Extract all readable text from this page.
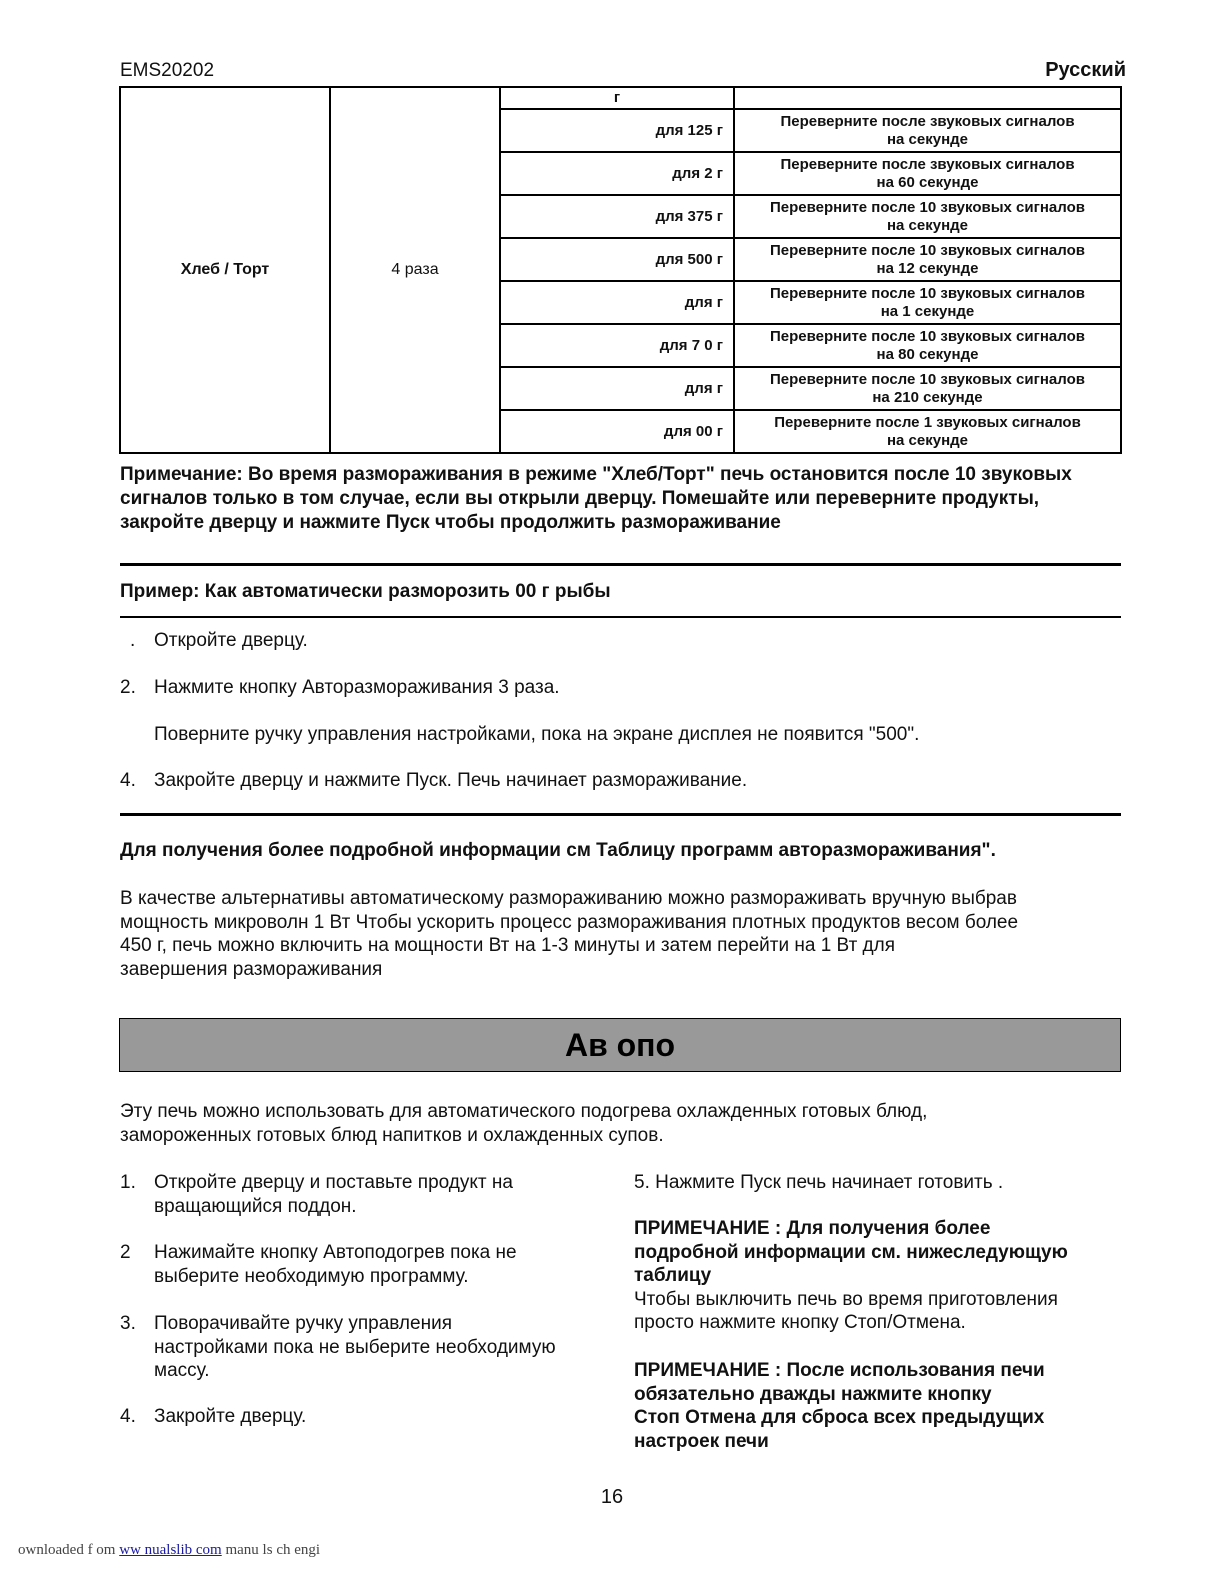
EMS20202	Русский
Хлеб / Торт	4 раза	г	
		для 125 г	Переверните после звуковых сигналов
на секунде

		для 2 г	Переверните после звуковых сигналов
на 60 секунде

		для 375 г	Переверните после 10 звуковых сигналов
на секунде

		для 500 г	Переверните после 10 звуковых сигналов
на 12 секунде

		для г	Переверните после 10 звуковых сигналов
на 1 секунде

		для 7 0 г	Переверните после 10 звуковых сигналов
на 80 секунде

		для г	Переверните после 10 звуковых сигналов
на 210 секунде

		для 00 г	Переверните после 1 звуковых сигналов
на секунде
Примечание: Во время размораживания в режиме "Хлеб/Торт" печь остановится после 10 звуковых сигналов только в том случае, если вы открыли дверцу. Помешайте или переверните продукты, закройте дверцу и нажмите Пуск чтобы продолжить размораживание
Пример: Как автоматически разморозить 00 г рыбы
. Откройте дверцу.
2. Нажмите кнопку Авторазмораживания 3 раза.
Поверните ручку управления настройками, пока на экране дисплея не появится "500".
4. Закройте дверцу и нажмите Пуск. Печь начинает размораживание.
Для получения более подробной информации см Таблицу программ авторазмораживания".
В качестве альтернативы автоматическому размораживанию можно размораживать вручную выбрав
мощность микроволн 1 Вт Чтобы ускорить процесс размораживания плотных продуктов весом более
450 г, печь можно включить на мощности Вт на 1-3 минуты и затем перейти на 1 Вт для
завершения размораживания
Ав опо
Эту печь можно использовать для автоматического подогрева охлажденных готовых блюд,
замороженных готовых блюд напитков и охлажденных супов.
1. Откройте дверцу и поставьте продукт на
вращающийся поддон.
2 Нажимайте кнопку Автоподогрев пока не
выберите необходимую программу.
3. Поворачивайте ручку управления
настройками пока не выберите необходимую
массу.
4. Закройте дверцу.
5. Нажмите Пуск печь начинает готовить .
ПРИМЕЧАНИЕ : Для получения более
подробной информации см. нижеследующую
таблицу
Чтобы выключить печь во время приготовления
просто нажмите кнопку Стоп/Отмена.
ПРИМЕЧАНИЕ : После использования печи
обязательно дважды нажмите кнопку
Стоп Отмена для сброса всех предыдущих
настроек печи
16
ownloaded f om ww nualslib com manu ls ch engi
